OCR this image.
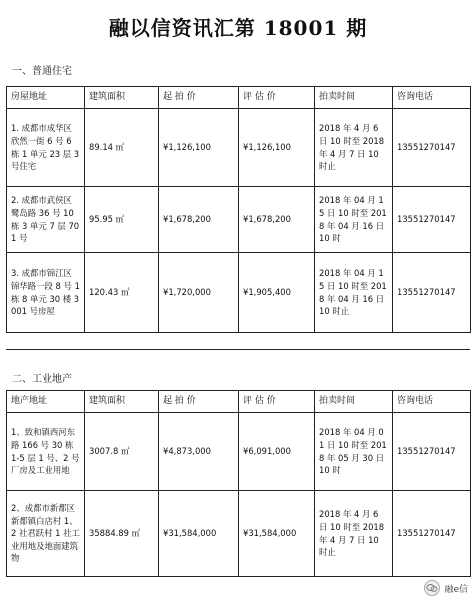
融以信资讯汇第 18001 期
一、普通住宅
房屋地址	建筑面积	起 拍 价	评 估 价	拍卖时间	咨询电话
1. 成都市成华区欣然一街 6 号 6 栋 1 单元 23 层 3 号住宅	89.14 ㎡	¥1,126,100	¥1,126,100	2018 年 4 月 6 日 10 时至 2018 年 4 月 7 日 10 时止	13551270147
2. 成都市武侯区鹭岛路 36 号 10 栋 3 单元 7 层 701 号	95.95 ㎡	¥1,678,200	¥1,678,200	2018 年 04 月 15 日 10 时至 2018 年 04 月 16 日 10 时	13551270147
3. 成都市锦江区锦华路一段 8 号 1 栋 8 单元 30 楼 3001 号房屋	120.43 ㎡	¥1,720,000	¥1,905,400	2018 年 04 月 15 日 10 时至 2018 年 04 月 16 日 10 时止	13551270147
二、工业地产
地产地址	建筑面积	起 拍 价	评 估 价	拍卖时间	咨询电话
1、致和镇西河东路 166 号 30 栋 1-5 层 1 号、2 号厂房及工业用地	3007.8 ㎡	¥4,873,000	¥6,091,000	2018 年 04 月 01 日 10 时至 2018 年 05 月 30 日 10 时	13551270147
2、成都市新都区新都镇白店村 1、2 社君跃村 1 社工业用地及地面建筑物	35884.89 ㎡	¥31,584,000	¥31,584,000	2018 年 4 月 6 日 10 时至 2018 年 4 月 7 日 10 时止	13551270147
融e信
